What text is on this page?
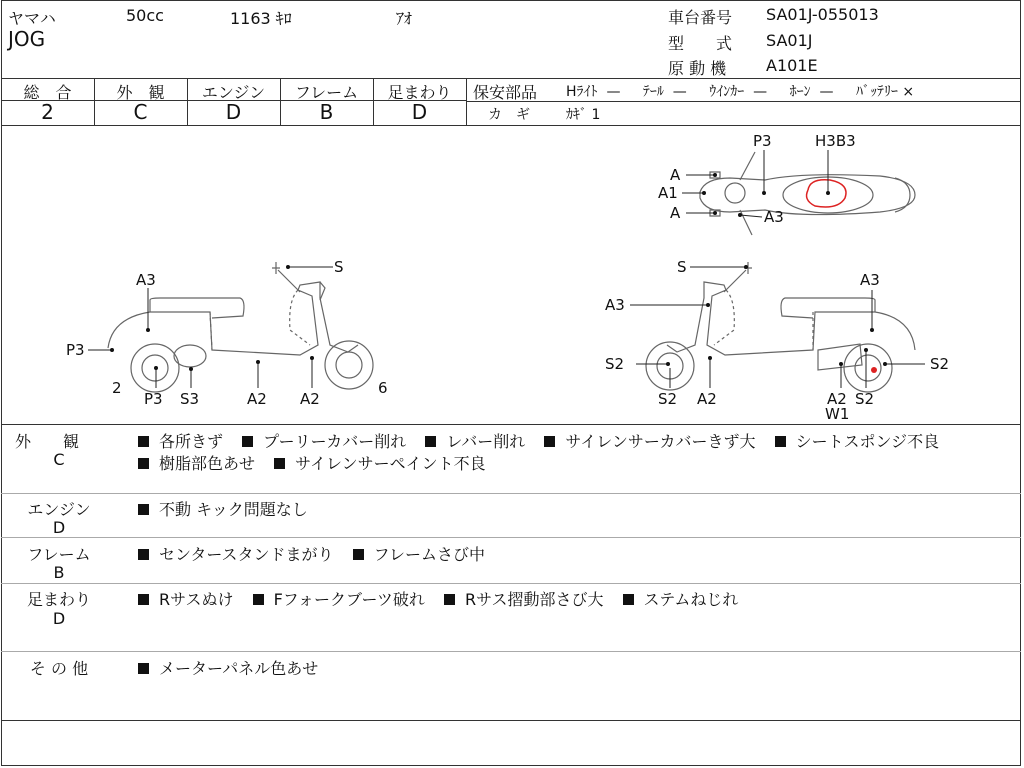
ヤマハ	50cc	1163 ｷﾛ	ｱｵ
JOG
車台番号 SA01J-055013
型　　式 SA01J
原 動 機 A101E
総　合
2
外　観
C
エンジン
D
フレーム
B
足まわり
D
保安部品 Hﾗｲﾄ — ﾃｰﾙ — ｳｲﾝｶｰ — ﾎｰﾝ — ﾊﾞｯﾃﾘｰ ×
カ　ギ	ｶｷﾞ 1
P3	H3B3
A
A1
A	A3
S
A3
P3
2
P3 S3	A2 A2
6
S
A3
A3
S2
S2
S2
A2	A2 S2
W1
外　　観
C
各所きず	プーリーカバー削れ	レバー削れ	サイレンサーカバーきず大	シートスポンジ不良
樹脂部色あせ	サイレンサーペイント不良
エンジン
D
不動 キック問題なし
フレーム
B
センタースタンドまがり	フレームさび中
足まわり
D
Rサスぬけ	Fフォークブーツ破れ	Rサス摺動部さび大	ステムねじれ
そ の 他	メーターパネル色あせ
